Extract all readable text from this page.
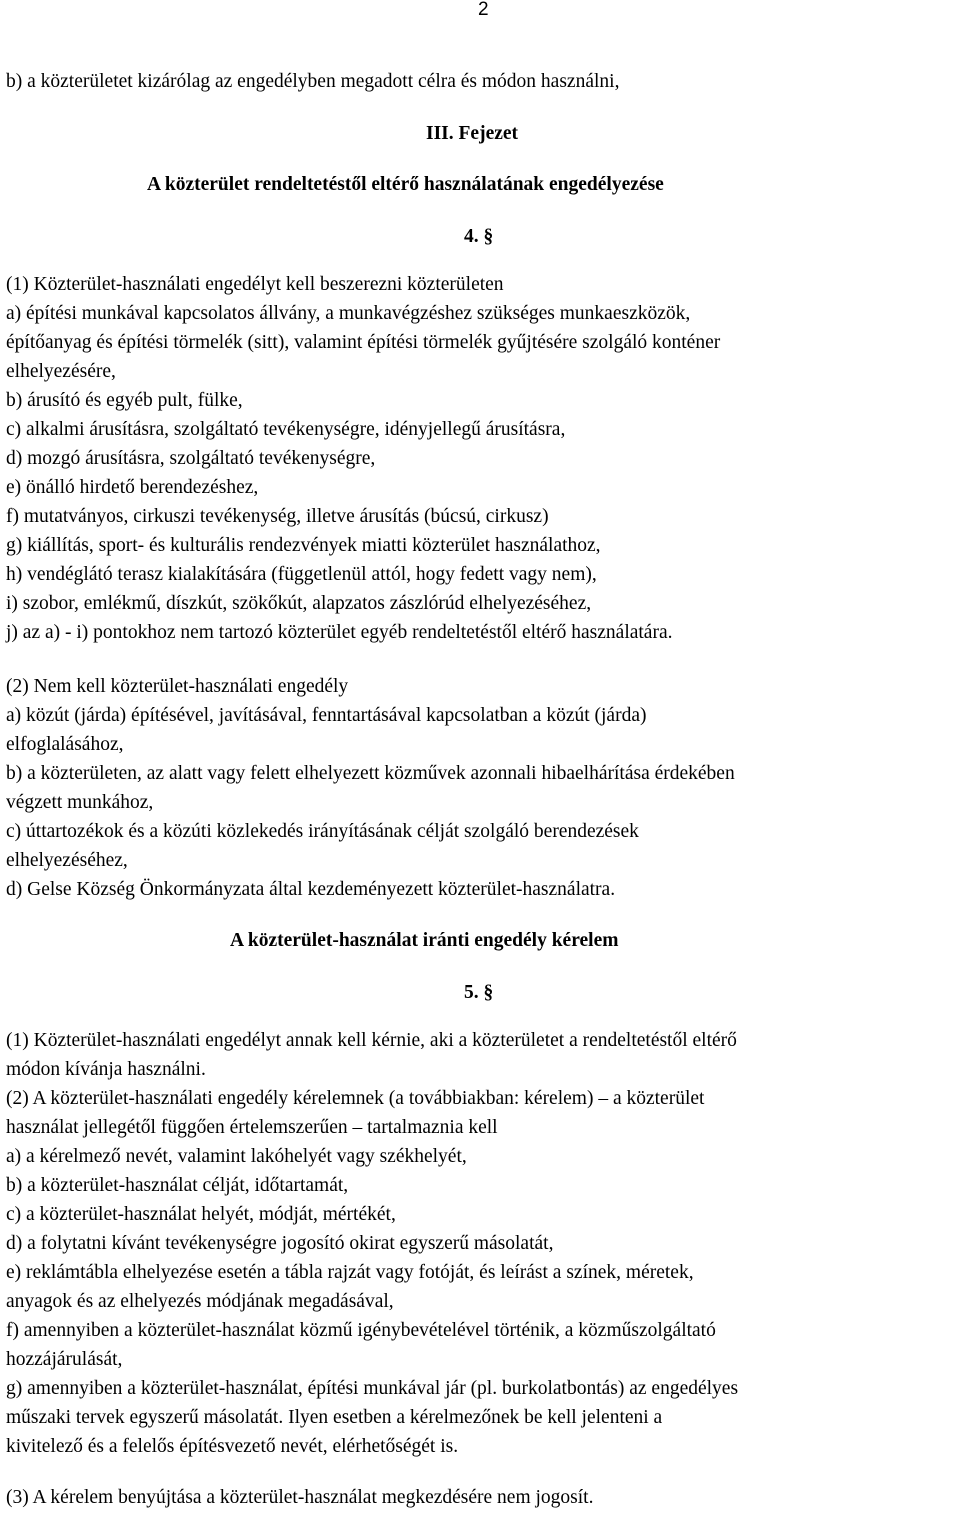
2
b) a közterületet kizárólag az engedélyben megadott célra és módon használni,
III. Fejezet
A közterület rendeltetéstől eltérő használatának engedélyezése
4. §
(1) Közterület-használati engedélyt kell beszerezni közterületen
a) építési munkával kapcsolatos állvány, a munkavégzéshez szükséges munkaeszközök,
építőanyag és építési törmelék (sitt), valamint építési törmelék gyűjtésére szolgáló konténer
elhelyezésére,
b) árusító és egyéb pult, fülke,
c) alkalmi árusításra, szolgáltató tevékenységre, idényjellegű árusításra,
d) mozgó árusításra, szolgáltató tevékenységre,
e) önálló hirdető berendezéshez,
f) mutatványos, cirkuszi tevékenység, illetve árusítás (búcsú, cirkusz)
g) kiállítás, sport- és kulturális rendezvények miatti közterület használathoz,
h) vendéglátó terasz kialakítására (függetlenül attól, hogy fedett vagy nem),
i) szobor, emlékmű, díszkút, szökőkút, alapzatos zászlórúd elhelyezéséhez,
j) az a) - i) pontokhoz nem tartozó közterület egyéb rendeltetéstől eltérő használatára.
(2) Nem kell közterület-használati engedély
a) közút (járda) építésével, javításával, fenntartásával kapcsolatban a közút (járda)
elfoglalásához,
b) a közterületen, az alatt vagy felett elhelyezett közművek azonnali hibaelhárítása érdekében
végzett munkához,
c) úttartozékok és a közúti közlekedés irányításának célját szolgáló berendezések
elhelyezéséhez,
d) Gelse Község Önkormányzata által kezdeményezett közterület-használatra.
A közterület-használat iránti engedély kérelem
5. §
(1) Közterület-használati engedélyt annak kell kérnie, aki a közterületet a rendeltetéstől eltérő
módon kívánja használni.
(2) A közterület-használati engedély kérelemnek (a továbbiakban: kérelem) – a közterület
használat jellegétől függően értelemszerűen – tartalmaznia kell
a) a kérelmező nevét, valamint lakóhelyét vagy székhelyét,
b) a közterület-használat célját, időtartamát,
c) a közterület-használat helyét, módját, mértékét,
d) a folytatni kívánt tevékenységre jogosító okirat egyszerű másolatát,
e) reklámtábla elhelyezése esetén a tábla rajzát vagy fotóját, és leírást a színek, méretek,
anyagok és az elhelyezés módjának megadásával,
f) amennyiben a közterület-használat közmű igénybevételével történik, a közműszolgáltató
hozzájárulását,
g) amennyiben a közterület-használat, építési munkával jár (pl. burkolatbontás) az engedélyes
műszaki tervek egyszerű másolatát. Ilyen esetben a kérelmezőnek be kell jelenteni a
kivitelező és a felelős építésvezető nevét, elérhetőségét is.
(3) A kérelem benyújtása a közterület-használat megkezdésére nem jogosít.
